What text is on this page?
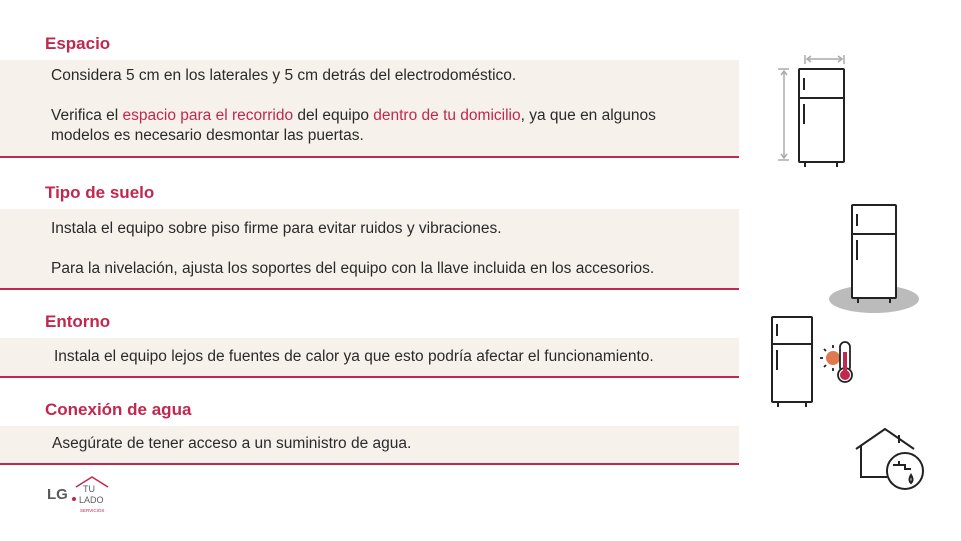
Espacio

Considera 5 cm en los laterales y 5 cm detrás del electrodoméstico.

Verifica el espacio para el recorrido del equipo dentro de tu domicilio, ya que en algunos

modelos es necesario desmontar las puertas.

Tipo de suelo

Instala el equipo sobre piso firme para evitar ruidos y vibraciones.

Para la nivelación, ajusta los soportes del equipo con la llave incluida en los accesorios.

Entorno

Instala el equipo lejos de fuentes de calor ya que esto podría afectar el funcionamiento.

Conexión de agua

Asegúrate de tener acceso a un suministro de agua.

LG TU
LADO
SERVICIOS
